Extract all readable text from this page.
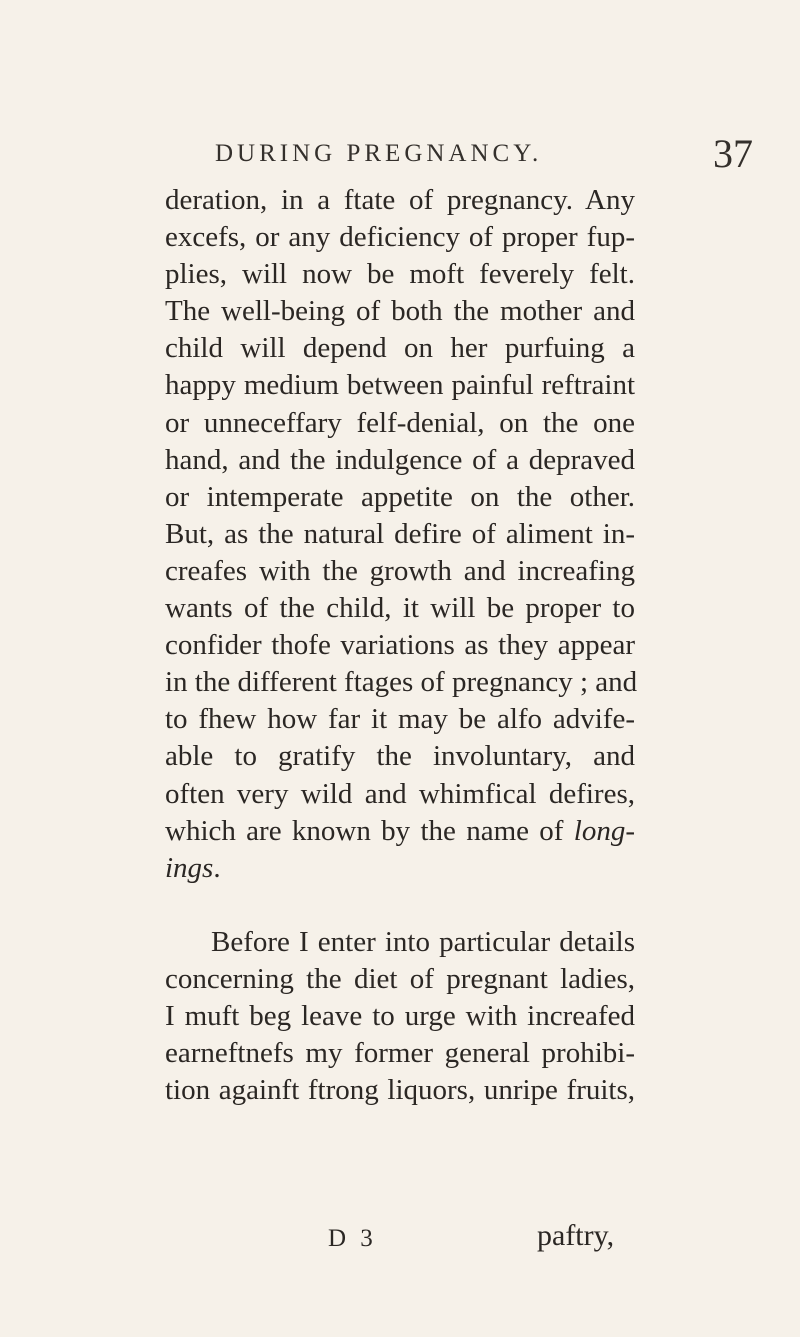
DURING PREGNANCY.	37
deration, in a ftate of pregnancy. Any
excefs, or any deficiency of proper fup-
plies, will now be moft feverely felt.
The well-being of both the mother and
child will depend on her purfuing a
happy medium between painful reftraint
or unneceffary felf-denial, on the one
hand, and the indulgence of a depraved
or intemperate appetite on the other.
But, as the natural defire of aliment in-
creafes with the growth and increafing
wants of the child, it will be proper to
confider thofe variations as they appear
in the different ftages of pregnancy ; and
to fhew how far it may be alfo advife-
able to gratify the involuntary, and
often very wild and whimfical defires,
which are known by the name of long-
ings.
Before I enter into particular details
concerning the diet of pregnant ladies,
I muft beg leave to urge with increafed
earneftnefs my former general prohibi-
tion againft ftrong liquors, unripe fruits,
D 3	paftry,
